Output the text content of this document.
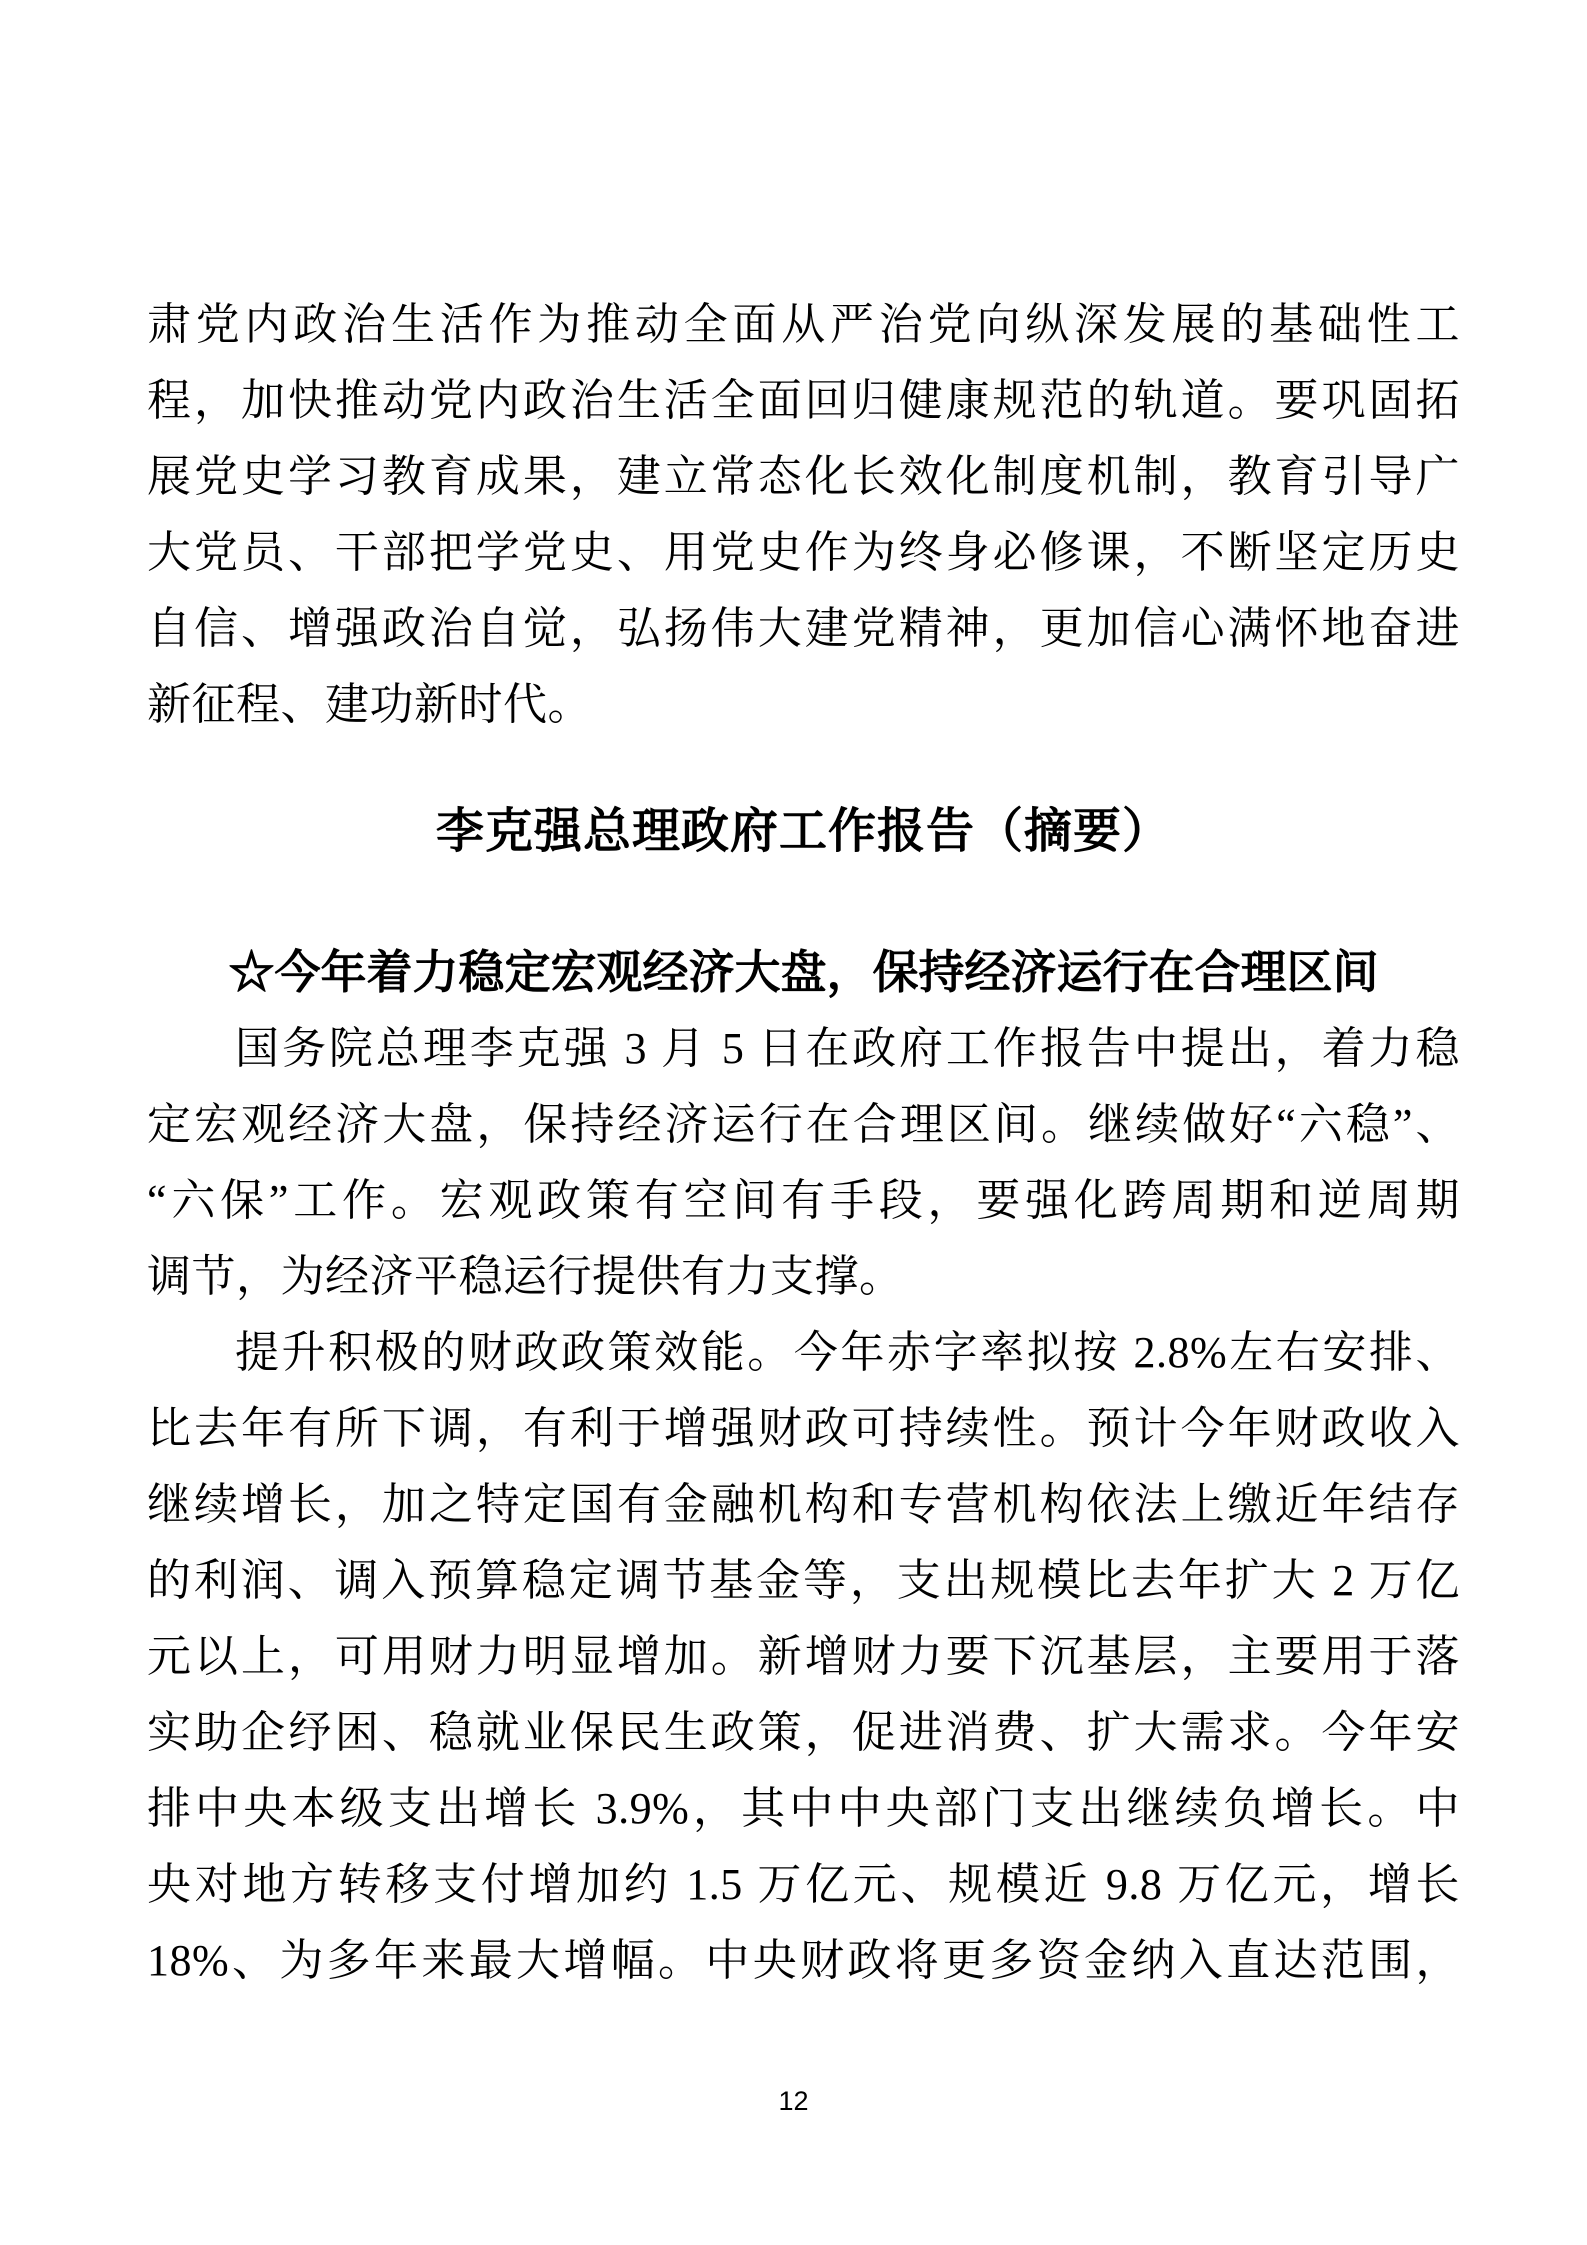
肃党内政治生活作为推动全面从严治党向纵深发展的基础性工
程，加快推动党内政治生活全面回归健康规范的轨道。要巩固拓
展党史学习教育成果，建立常态化长效化制度机制，教育引导广
大党员、干部把学党史、用党史作为终身必修课，不断坚定历史
自信、增强政治自觉，弘扬伟大建党精神，更加信心满怀地奋进
新征程、建功新时代。
李克强总理政府工作报告（摘要）
☆今年着力稳定宏观经济大盘，保持经济运行在合理区间
国务院总理李克强 3 月 5 日在政府工作报告中提出，着力稳
定宏观经济大盘，保持经济运行在合理区间。继续做好“六稳”、
“六保”工作。宏观政策有空间有手段，要强化跨周期和逆周期
调节，为经济平稳运行提供有力支撑。
提升积极的财政政策效能。今年赤字率拟按 2.8%左右安排、
比去年有所下调，有利于增强财政可持续性。预计今年财政收入
继续增长，加之特定国有金融机构和专营机构依法上缴近年结存
的利润、调入预算稳定调节基金等，支出规模比去年扩大 2 万亿
元以上，可用财力明显增加。新增财力要下沉基层，主要用于落
实助企纾困、稳就业保民生政策，促进消费、扩大需求。今年安
排中央本级支出增长 3.9%，其中中央部门支出继续负增长。中
央对地方转移支付增加约 1.5 万亿元、规模近 9.8 万亿元，增长
18%、为多年来最大增幅。中央财政将更多资金纳入直达范围，
12
